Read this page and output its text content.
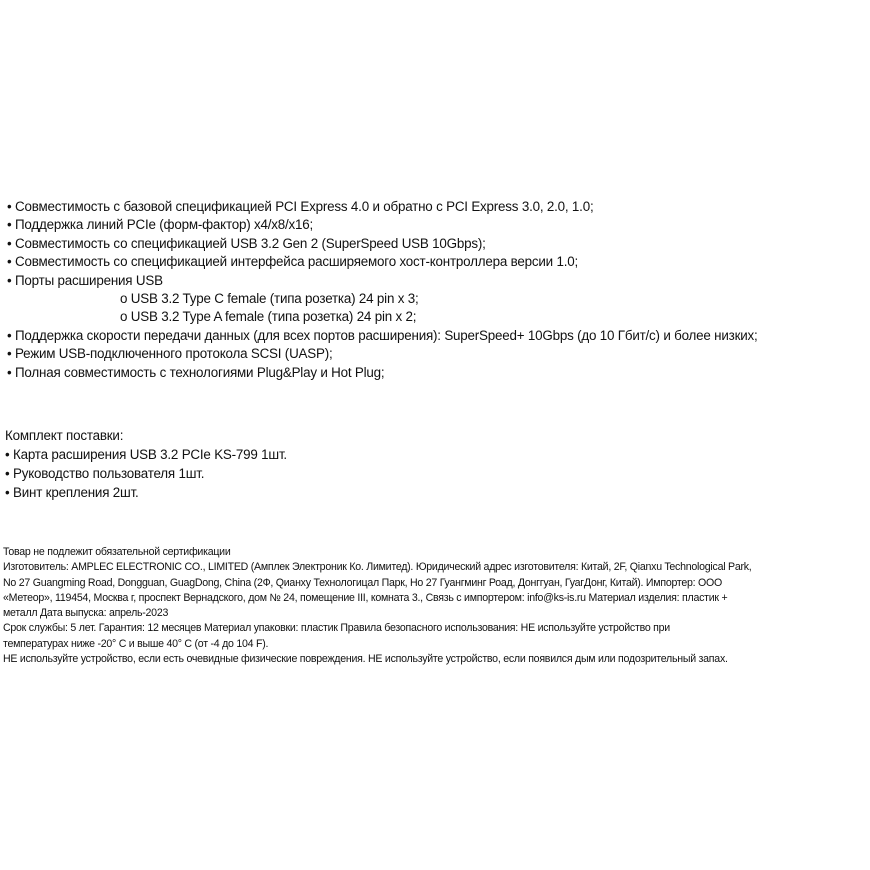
• Совместимость с базовой спецификацией PCI Express 4.0 и обратно с PCI Express 3.0, 2.0, 1.0;
• Поддержка линий PCIe (форм-фактор) x4/x8/x16;
• Совместимость со спецификацией USB 3.2 Gen 2 (SuperSpeed USB 10Gbps);
• Совместимость со спецификацией интерфейса расширяемого хост-контроллера версии 1.0;
• Порты расширения USB
o USB 3.2 Type C female (типа розетка) 24 pin x 3;
o USB 3.2 Type A female (типа розетка) 24 pin x 2;
• Поддержка скорости передачи данных (для всех портов расширения): SuperSpeed+ 10Gbps (до 10 Гбит/с) и более низких;
• Режим USB-подключенного протокола SCSI (UASP);
• Полная совместимость с технологиями Plug&Play и Hot Plug;
Комплект поставки:
• Карта расширения USB 3.2 PCIe KS-799 1шт.
• Руководство пользователя 1шт.
• Винт крепления 2шт.
Товар не подлежит обязательной сертификации
Изготовитель: AMPLEC ELECTRONIC CO., LIMITED (Амплек Электроник Ко. Лимитед). Юридический адрес изготовителя: Китай, 2F, Qianxu Technological Park,
No 27 Guangming Road, Dongguan, GuagDong, China (2Ф, Qианху Технологицал Парк, Но 27 Гуангминг Роад, Донггуан, ГуагДонг, Китай). Импортер: ООО
«Метеор», 119454, Москва г, проспект Вернадского, дом № 24, помещение III, комната 3., Связь с импортером: info@ks-is.ru Материал изделия: пластик +
металл Дата выпуска: апрель-2023
Срок службы: 5 лет. Гарантия: 12 месяцев Материал упаковки: пластик Правила безопасного использования: НЕ используйте устройство при
температурах ниже -20° С и выше 40° С (от -4 до 104 F).
НЕ используйте устройство, если есть очевидные физические повреждения. НЕ используйте устройство, если появился дым или подозрительный запах.
